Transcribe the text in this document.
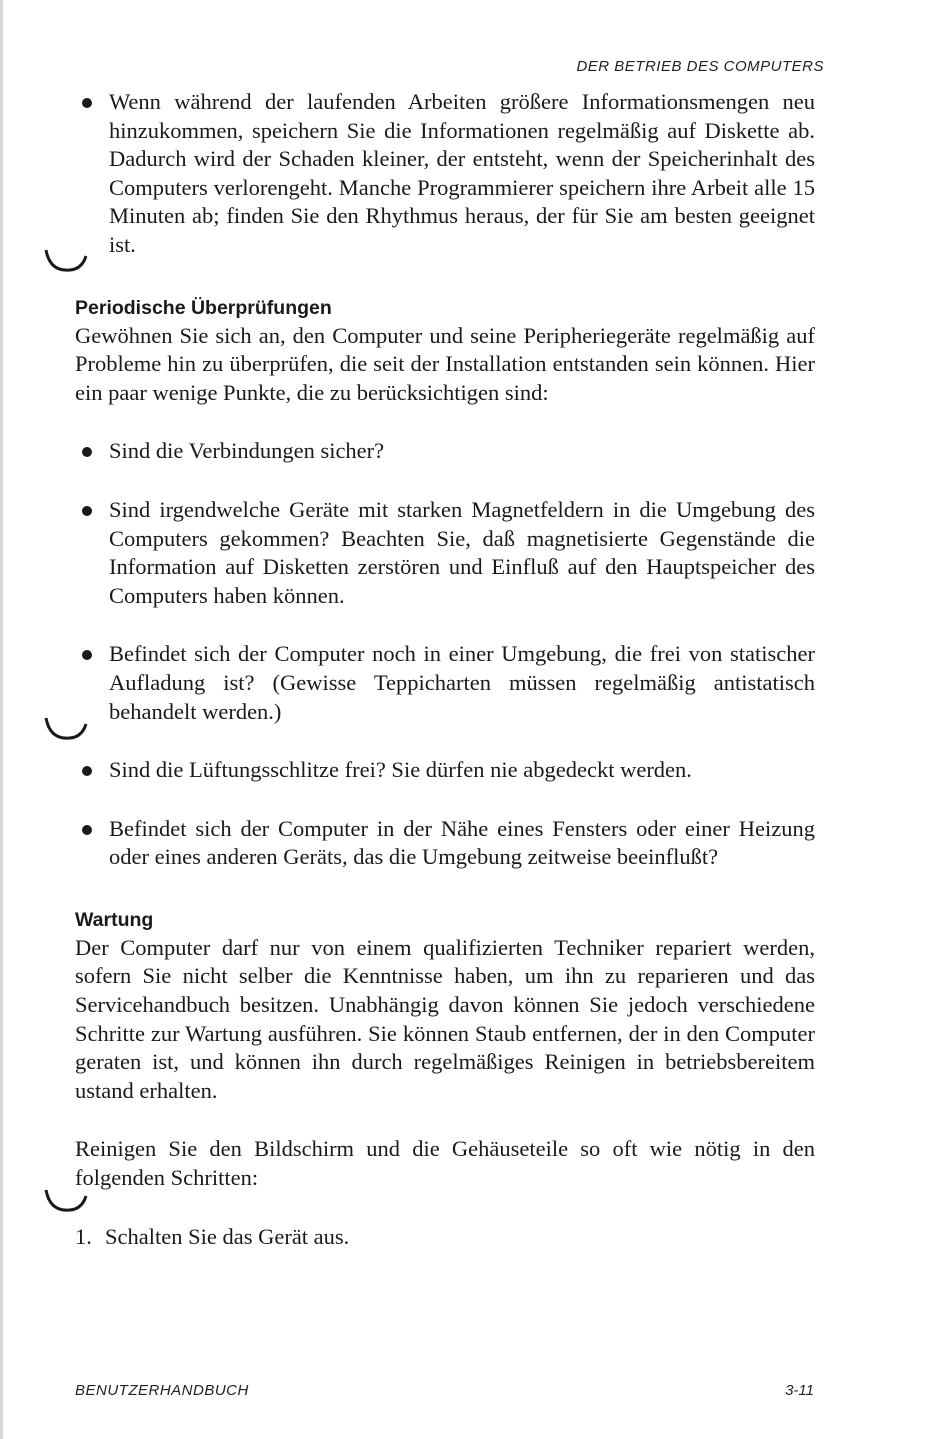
DER BETRIEB DES COMPUTERS
Wenn während der laufenden Arbeiten größere Informationsmengen neu hinzukommen, speichern Sie die Informationen regelmäßig auf Diskette ab. Dadurch wird der Schaden kleiner, der entsteht, wenn der Speicherinhalt des Computers verlorengeht. Manche Programmierer speichern ihre Arbeit alle 15 Minuten ab; finden Sie den Rhythmus heraus, der für Sie am besten geeignet ist.
Periodische Überprüfungen
Gewöhnen Sie sich an, den Computer und seine Peripheriegeräte regelmäßig auf Probleme hin zu überprüfen, die seit der Installation entstanden sein können. Hier ein paar wenige Punkte, die zu berücksichtigen sind:
Sind die Verbindungen sicher?
Sind irgendwelche Geräte mit starken Magnetfeldern in die Umgebung des Computers gekommen? Beachten Sie, daß magnetisierte Gegenstände die Information auf Disketten zerstören und Einfluß auf den Hauptspeicher des Computers haben können.
Befindet sich der Computer noch in einer Umgebung, die frei von statischer Aufladung ist? (Gewisse Teppicharten müssen regelmäßig antistatisch behandelt werden.)
Sind die Lüftungsschlitze frei? Sie dürfen nie abgedeckt werden.
Befindet sich der Computer in der Nähe eines Fensters oder einer Heizung oder eines anderen Geräts, das die Umgebung zeitweise beeinflußt?
Wartung
Der Computer darf nur von einem qualifizierten Techniker repariert werden, sofern Sie nicht selber die Kenntnisse haben, um ihn zu reparieren und das Servicehandbuch besitzen. Unabhängig davon können Sie jedoch verschiedene Schritte zur Wartung ausführen. Sie können Staub entfernen, der in den Computer geraten ist, und können ihn durch regelmäßiges Reinigen in betriebsbereitem ustand erhalten.
Reinigen Sie den Bildschirm und die Gehäuseteile so oft wie nötig in den folgenden Schritten:
1. Schalten Sie das Gerät aus.
BENUTZERHANDBUCH	3-11
